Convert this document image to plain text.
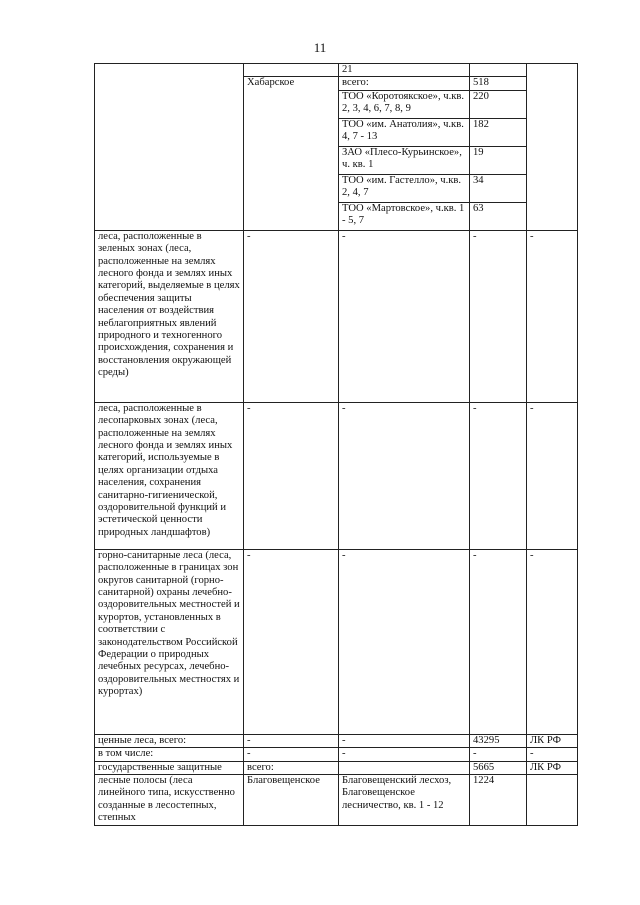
11
		21		
	Хабарское	всего:	518	
		ТОО «Коротоякское», ч.кв. 2, 3, 4, 6, 7, 8, 9	220	
		ТОО «им. Анатолия», ч.кв. 4, 7 - 13	182	
		ЗАО «Плесо-Курьинское», ч. кв. 1	19	
		ТОО «им. Гастелло», ч.кв. 2, 4, 7	34	
		ТОО «Мартовское», ч.кв. 1 - 5, 7	63	
леса, расположенные в зеленых зонах (леса, расположенные на землях лесного фонда и землях иных категорий, выделяемые в целях обеспечения защиты населения от воздействия неблагоприятных явлений природного и техногенного происхождения, сохранения и восстановления окружающей среды)	-	-	-	-
леса, расположенные в лесопарковых зонах (леса, расположенные на землях лесного фонда и землях иных категорий, используемые в целях организации отдыха населения, сохранения санитарно-гигиенической, оздоровительной функций и эстетической ценности природных ландшафтов)	-	-	-	-
горно-санитарные леса (леса, расположенные в границах зон округов санитарной (горно-санитарной) охраны лечебно-оздоровительных местностей и курортов, установленных в соответствии с законодательством Российской Федерации о природных лечебных ресурсах, лечебно-оздоровительных местностях и курортах)	-	-	-	-
ценные леса, всего:	-	-	43295	ЛК РФ
в том числе:	-	-	-	-
государственные защитные	всего:		5665	ЛК РФ
лесные полосы (леса линейного типа, искусственно созданные в лесостепных, степных	Благовещенское	Благовещенский лесхоз, Благовещенское лесничество, кв. 1 - 12	1224	
